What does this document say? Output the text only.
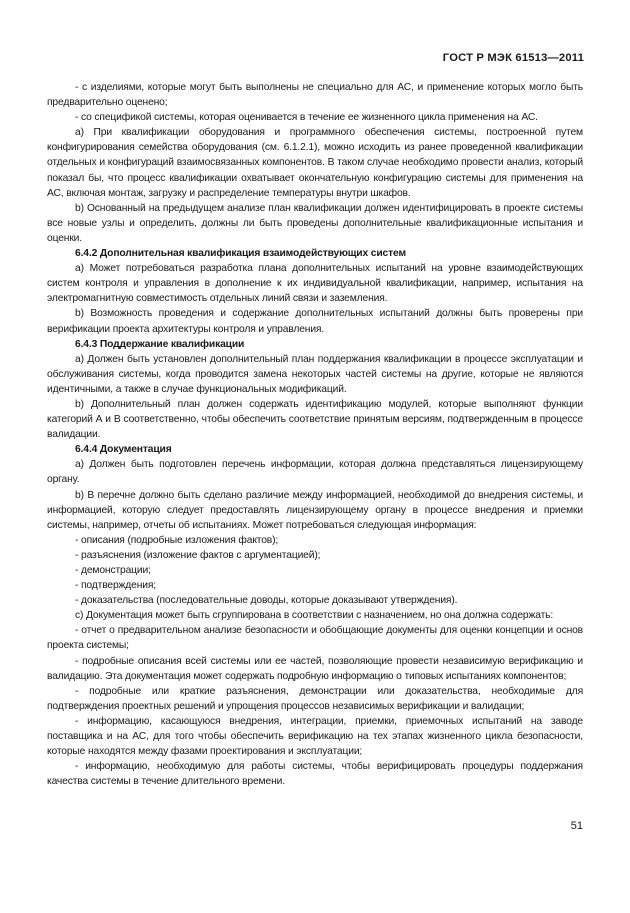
ГОСТ Р МЭК 61513—2011

- с изделиями, которые могут быть выполнены не специально для АС, и применение которых могло быть предварительно оценено;

- со спецификой системы, которая оценивается в течение ее жизненного цикла применения на АС.

a) При квалификации оборудования и программного обеспечения системы, построенной путем конфигурирования семейства оборудования (см. 6.1.2.1), можно исходить из ранее проведенной квалификации отдельных и конфигураций взаимосвязанных компонентов. В таком случае необходимо провести анализ, который показал бы, что процесс квалификации охватывает окончательную конфигурацию системы для применения на АС, включая монтаж, загрузку и распределение температуры внутри шкафов.

b) Основанный на предыдущем анализе план квалификации должен идентифицировать в проекте системы все новые узлы и определить, должны ли быть проведены дополнительные квалификационные испытания и оценки.

6.4.2 Дополнительная квалификация взаимодействующих систем

a) Может потребоваться разработка плана дополнительных испытаний на уровне взаимодействующих систем контроля и управления в дополнение к их индивидуальной квалификации, например, испытания на электромагнитную совместимость отдельных линий связи и заземления.

b) Возможность проведения и содержание дополнительных испытаний должны быть проверены при верификации проекта архитектуры контроля и управления.

6.4.3 Поддержание квалификации

a) Должен быть установлен дополнительный план поддержания квалификации в процессе эксплуатации и обслуживания системы, когда проводится замена некоторых частей системы на другие, которые не являются идентичными, а также в случае функциональных модификаций.

b) Дополнительный план должен содержать идентификацию модулей, которые выполняют функции категорий А и В соответственно, чтобы обеспечить соответствие принятым версиям, подтвержденным в процессе валидации.

6.4.4 Документация

a) Должен быть подготовлен перечень информации, которая должна представляться лицензирующему органу.

b) В перечне должно быть сделано различие между информацией, необходимой до внедрения системы, и информацией, которую следует предоставлять лицензирующему органу в процессе внедрения и приемки системы, например, отчеты об испытаниях. Может потребоваться следующая информация:

- описания (подробные изложения фактов);

- разъяснения (изложение фактов с аргументацией);

- демонстрации;

- подтверждения;

- доказательства (последовательные доводы, которые доказывают утверждения).

c) Документация может быть сгруппирована в соответствии с назначением, но она должна содержать:

- отчет о предварительном анализе безопасности и обобщающие документы для оценки концепции и основ проекта системы;

- подробные описания всей системы или ее частей, позволяющие провести независимую верификацию и валидацию. Эта документация может содержать подробную информацию о типовых испытаниях компонентов;

- подробные или краткие разъяснения, демонстрации или доказательства, необходимые для подтверждения проектных решений и упрощения процессов независимых верификации и валидации;

- информацию, касающуюся внедрения, интеграции, приемки, приемочных испытаний на заводе поставщика и на АС, для того чтобы обеспечить верификацию на тех этапах жизненного цикла безопасности, которые находятся между фазами проектирования и эксплуатации;

- информацию, необходимую для работы системы, чтобы верифицировать процедуры поддержания качества системы в течение длительного времени.

51
